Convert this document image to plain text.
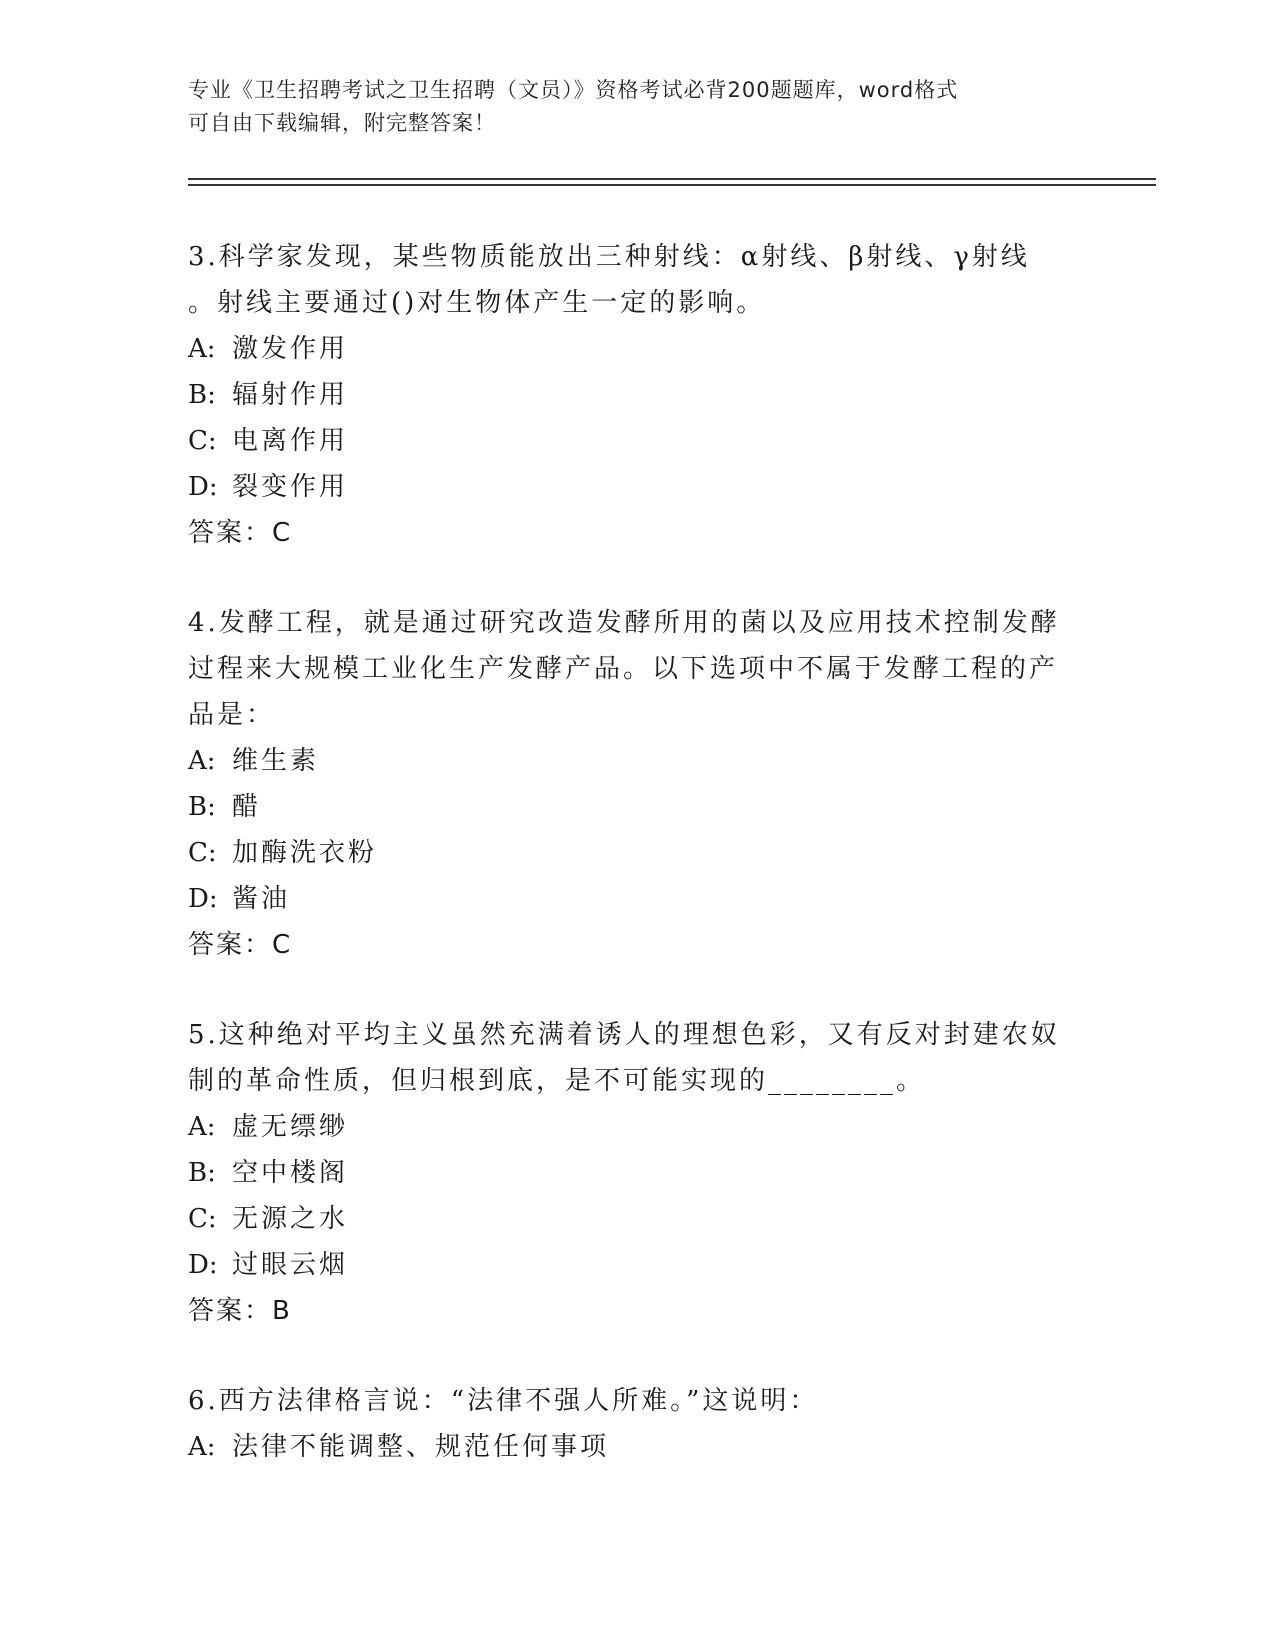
专业《卫生招聘考试之卫生招聘（文员）》资格考试必背200题题库，word格式

可自由下载编辑，附完整答案！

3.科学家发现，某些物质能放出三种射线：α射线、β射线、γ射线

。射线主要通过()对生物体产生一定的影响。

A: 激发作用

B: 辐射作用

C: 电离作用

D: 裂变作用

答案：C

4.发酵工程，就是通过研究改造发酵所用的菌以及应用技术控制发酵

过程来大规模工业化生产发酵产品。以下选项中不属于发酵工程的产

品是：

A: 维生素

B: 醋

C: 加酶洗衣粉

D: 酱油

答案：C

5.这种绝对平均主义虽然充满着诱人的理想色彩，又有反对封建农奴

制的革命性质，但归根到底，是不可能实现的________。

A: 虚无缥缈

B: 空中楼阁

C: 无源之水

D: 过眼云烟

答案：B

6.西方法律格言说：“法律不强人所难。”这说明：

A: 法律不能调整、规范任何事项
